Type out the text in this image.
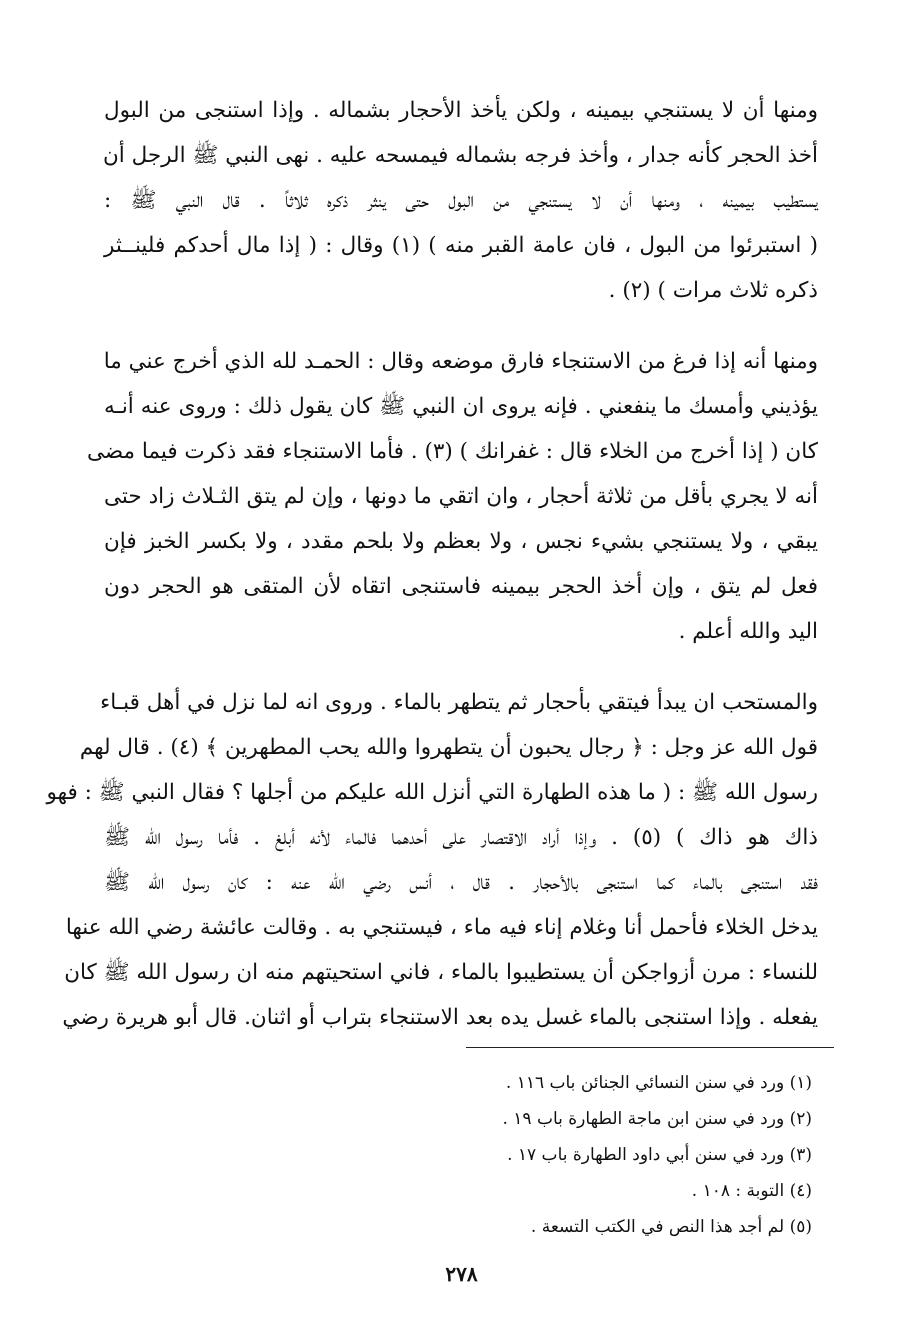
ومنها أن لا يستنجي بيمينه ، ولكن يأخذ الأحجار بشماله . وإذا استنجى من البول
أخذ الحجر كأنه جدار ، وأخذ فرجه بشماله فيمسحه عليه . نهى النبي ﷺ الرجل أن
يستطيب بيمينه ، ومنها أن لا يستنجي من البول حتى ينثر ذكره ثلاثاً . قال النبي ﷺ :
( استبرئوا من البول ، فان عامة القبر منه ) (١) وقال : ( إذا مال أحدكم فلينــثر
ذكره ثلاث مرات ) (٢) .

ومنها أنه إذا فرغ من الاستنجاء فارق موضعه وقال : الحمـد لله الذي أخرج عني ما
يؤذيني وأمسك ما ينفعني . فإنه يروى ان النبي ﷺ كان يقول ذلك : وروى عنه أنـه
كان ( إذا أخرج من الخلاء قال : غفرانك ) (٣) . فأما الاستنجاء فقد ذكرت فيما مضى
أنه لا يجري بأقل من ثلاثة أحجار ، وان اتقي ما دونها ، وإن لم يتق الثـلاث زاد حتى
يبقي ، ولا يستنجي بشيء نجس ، ولا بعظم ولا بلحم مقدد ، ولا بكسر الخبز فإن
فعل لم يتق ، وإن أخذ الحجر بيمينه فاستنجى اتقاه لأن المتقى هو الحجر دون
اليد والله أعلم .

والمستحب ان يبدأ فيتقي بأحجار ثم يتطهر بالماء . وروى انه لما نزل في أهل قبـاء
قول الله عز وجل : ﴿ رجال يحبون أن يتطهروا والله يحب المطهرين ﴾ (٤) . قال لهم
رسول الله ﷺ : ( ما هذه الطهارة التي أنزل الله عليكم من أجلها ؟ فقال النبي ﷺ : فهو
ذاك هو ذاك ) (٥) . وإذا أراد الاقتصار على أحدهما فالماء لأنه أبلغ . فأما رسول الله ﷺ
فقد استنجى بالماء كما استنجى بالأحجار . قال ، أنس رضي الله عنه : كان رسول الله ﷺ
يدخل الخلاء فأحمل أنا وغلام إناء فيه ماء ، فيستنجي به . وقالت عائشة رضي الله عنها
للنساء : مرن أزواجكن أن يستطيبوا بالماء ، فاني استحيتهم منه ان رسول الله ﷺ كان
يفعله . وإذا استنجى بالماء غسل يده بعد الاستنجاء بتراب أو اثنان. قال أبو هريرة رضي

(١) ورد في سنن النسائي الجنائن باب ١١٦ .
(٢) ورد في سنن ابن ماجة الطهارة باب ١٩ .
(٣) ورد في سنن أبي داود الطهارة باب ١٧ .
(٤) التوبة : ١٠٨ .
(٥) لم أجد هذا النص في الكتب التسعة .
٢٧٨
